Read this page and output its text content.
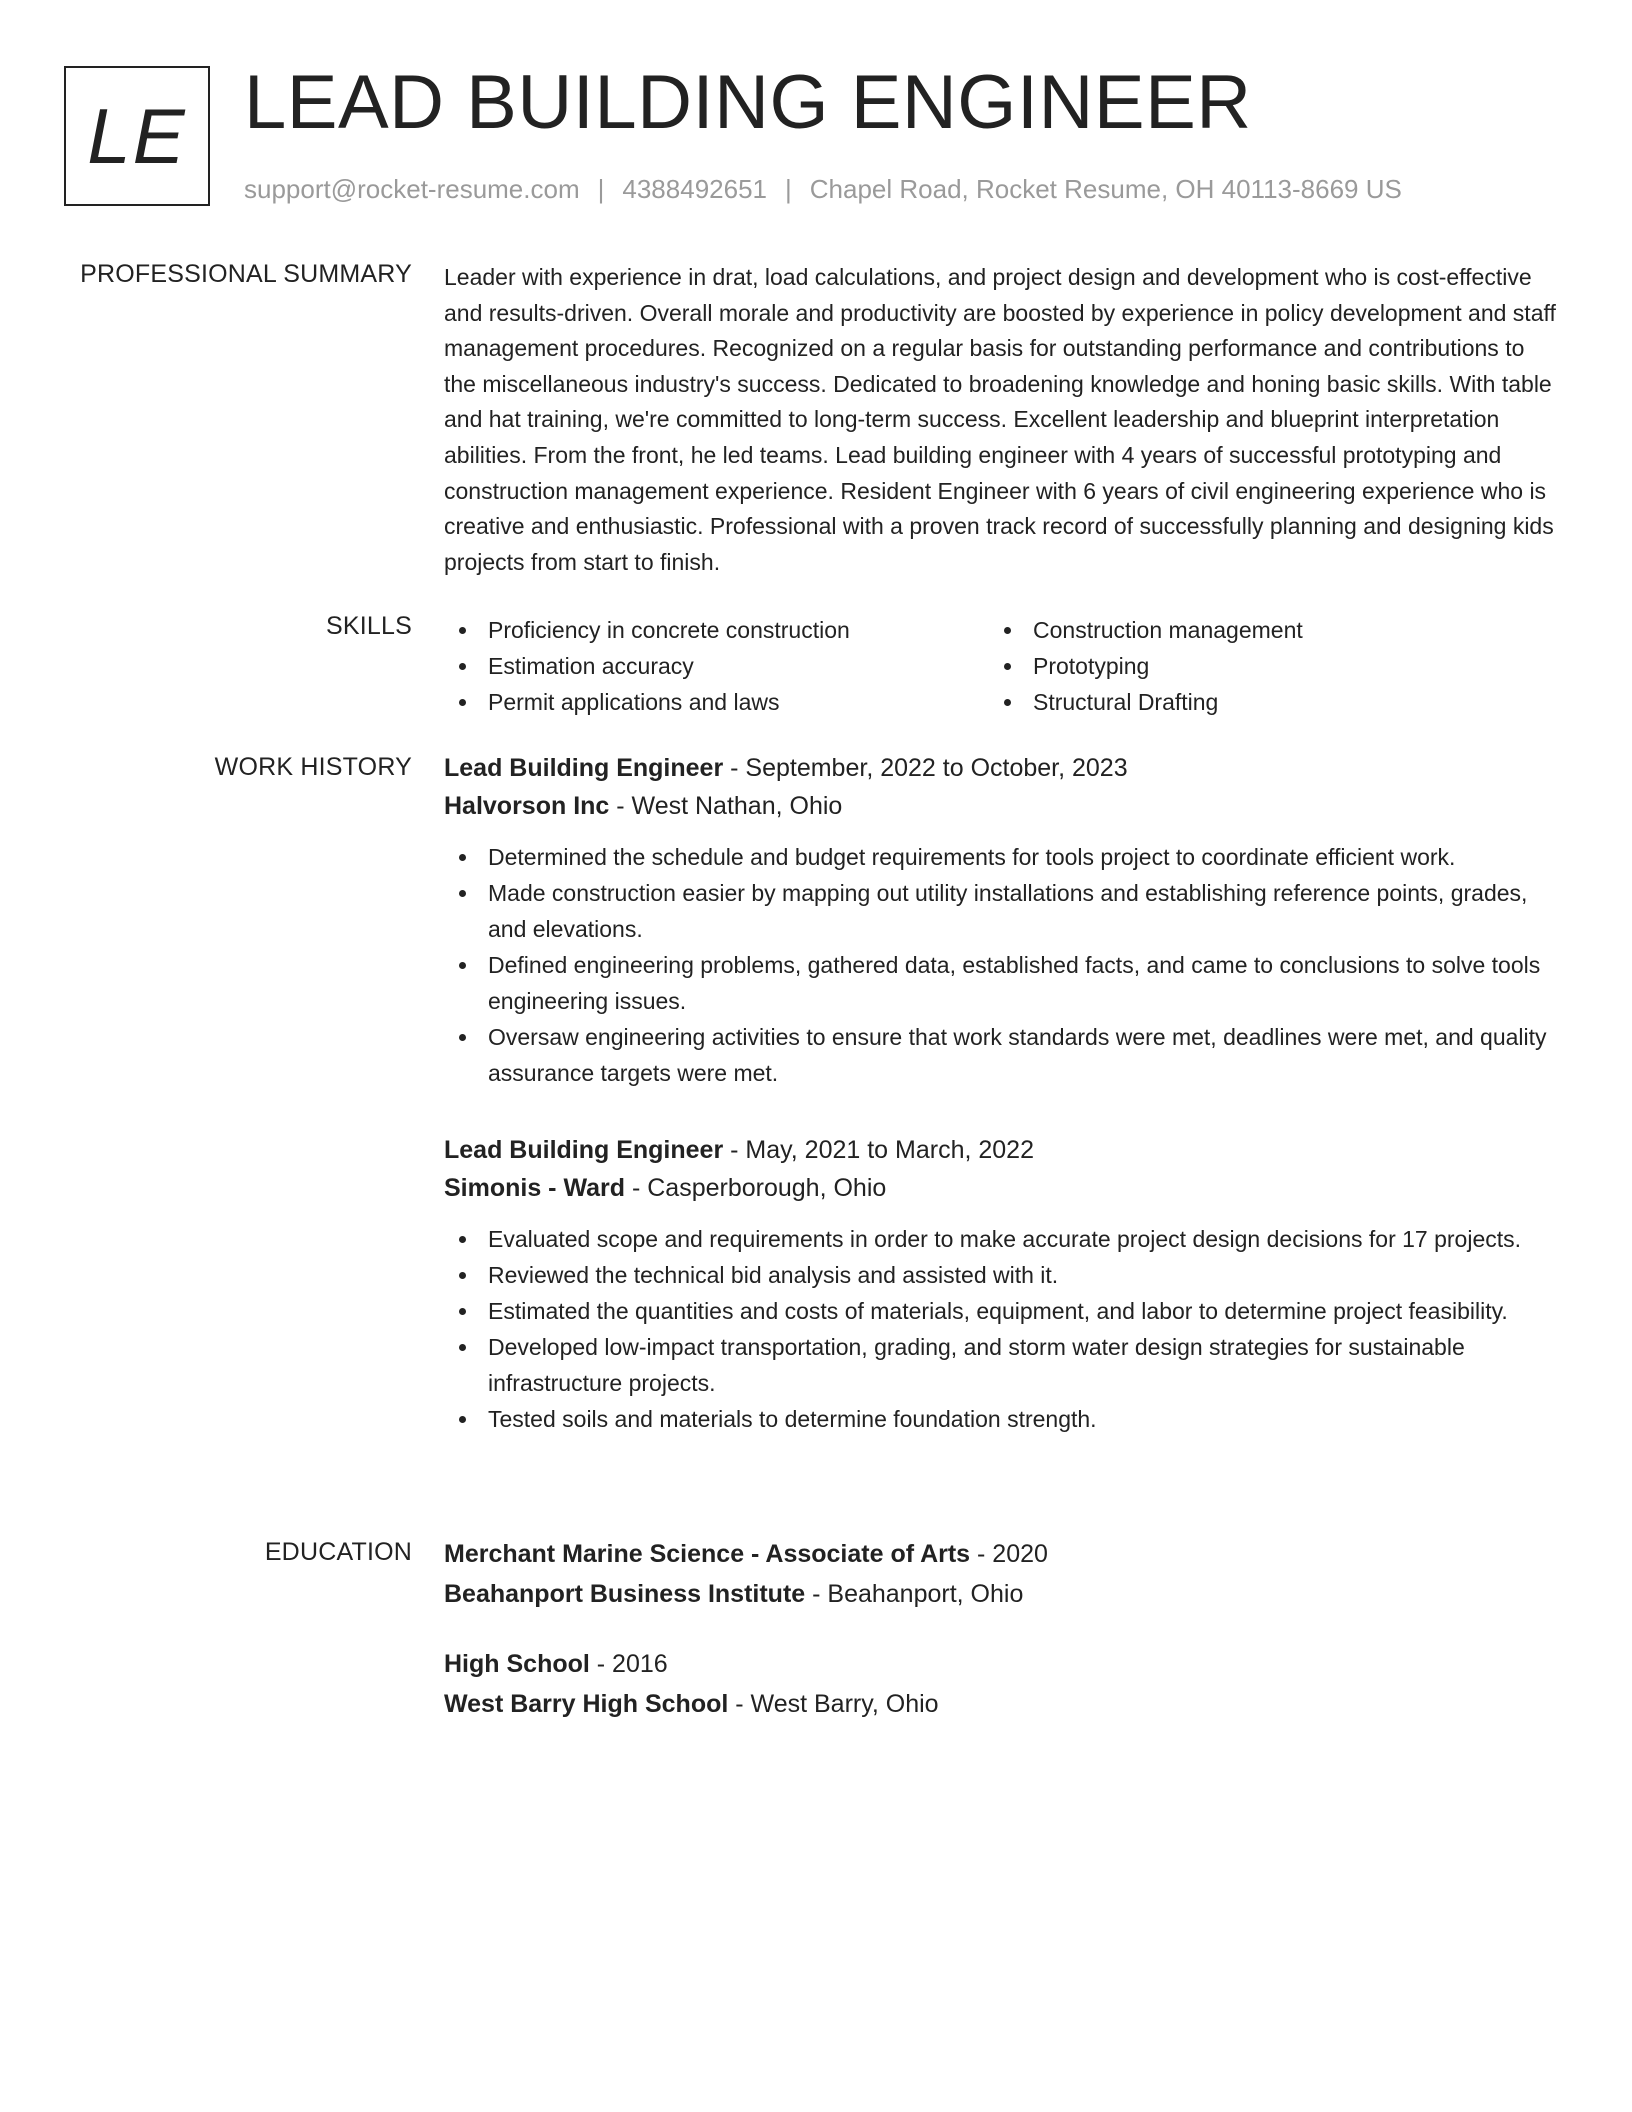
LE LEAD BUILDING ENGINEER
support@rocket-resume.com | 4388492651 | Chapel Road, Rocket Resume, OH 40113-8669 US
PROFESSIONAL SUMMARY Leader with experience in drat, load calculations, and project design and development who is cost-effective and results-driven. Overall morale and productivity are boosted by experience in policy development and staff management procedures. Recognized on a regular basis for outstanding performance and contributions to the miscellaneous industry's success. Dedicated to broadening knowledge and honing basic skills. With table and hat training, we're committed to long-term success. Excellent leadership and blueprint interpretation abilities. From the front, he led teams. Lead building engineer with 4 years of successful prototyping and construction management experience. Resident Engineer with 6 years of civil engineering experience who is creative and enthusiastic. Professional with a proven track record of successfully planning and designing kids projects from start to finish.

SKILLS	Proficiency in concrete construction	Construction management
Estimation accuracy	Prototyping
Permit applications and laws	Structural Drafting
WORK HISTORY Lead Building Engineer - September, 2022 to October, 2023
Halvorson Inc - West Nathan, Ohio
Determined the schedule and budget requirements for tools project to coordinate efficient work.
Made construction easier by mapping out utility installations and establishing reference points, grades, and elevations.
Defined engineering problems, gathered data, established facts, and came to conclusions to solve tools engineering issues.
Oversaw engineering activities to ensure that work standards were met, deadlines were met, and quality assurance targets were met.
Lead Building Engineer - May, 2021 to March, 2022
Simonis - Ward - Casperborough, Ohio
Evaluated scope and requirements in order to make accurate project design decisions for 17 projects.
Reviewed the technical bid analysis and assisted with it.
Estimated the quantities and costs of materials, equipment, and labor to determine project feasibility.
Developed low-impact transportation, grading, and storm water design strategies for sustainable infrastructure projects.
Tested soils and materials to determine foundation strength.
EDUCATION Merchant Marine Science - Associate of Arts - 2020
Beahanport Business Institute - Beahanport, Ohio
High School - 2016
West Barry High School - West Barry, Ohio
